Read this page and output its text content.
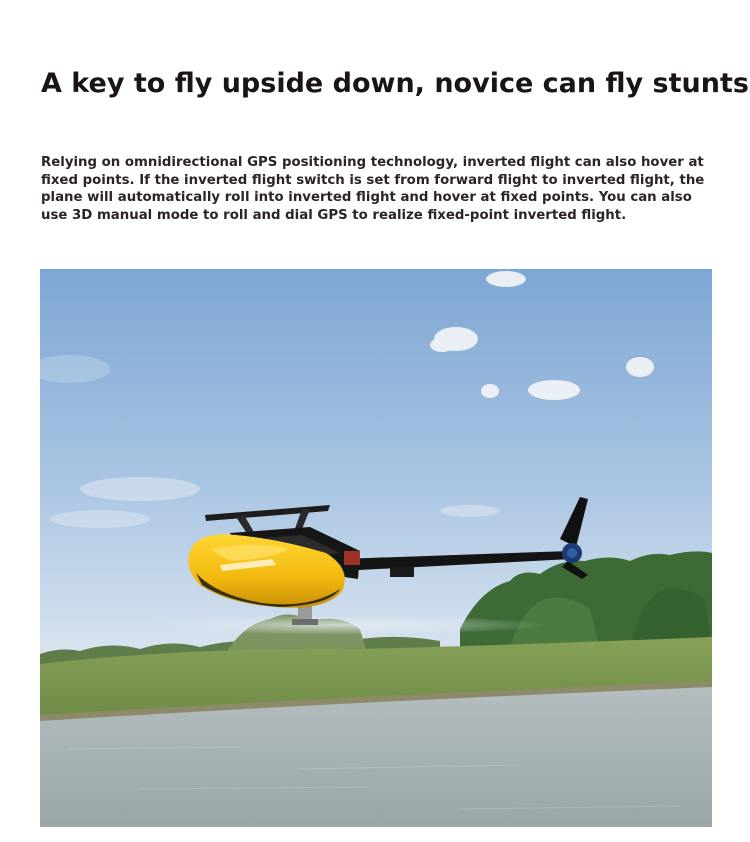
A key to fly upside down, novice can fly stunts

Relying on omnidirectional GPS positioning technology, inverted flight can also hover at fixed points. If the inverted flight switch is set from forward flight to inverted flight, the plane will automatically roll into inverted flight and hover at fixed points. You can also use 3D manual mode to roll and dial GPS to realize fixed-point inverted flight.
